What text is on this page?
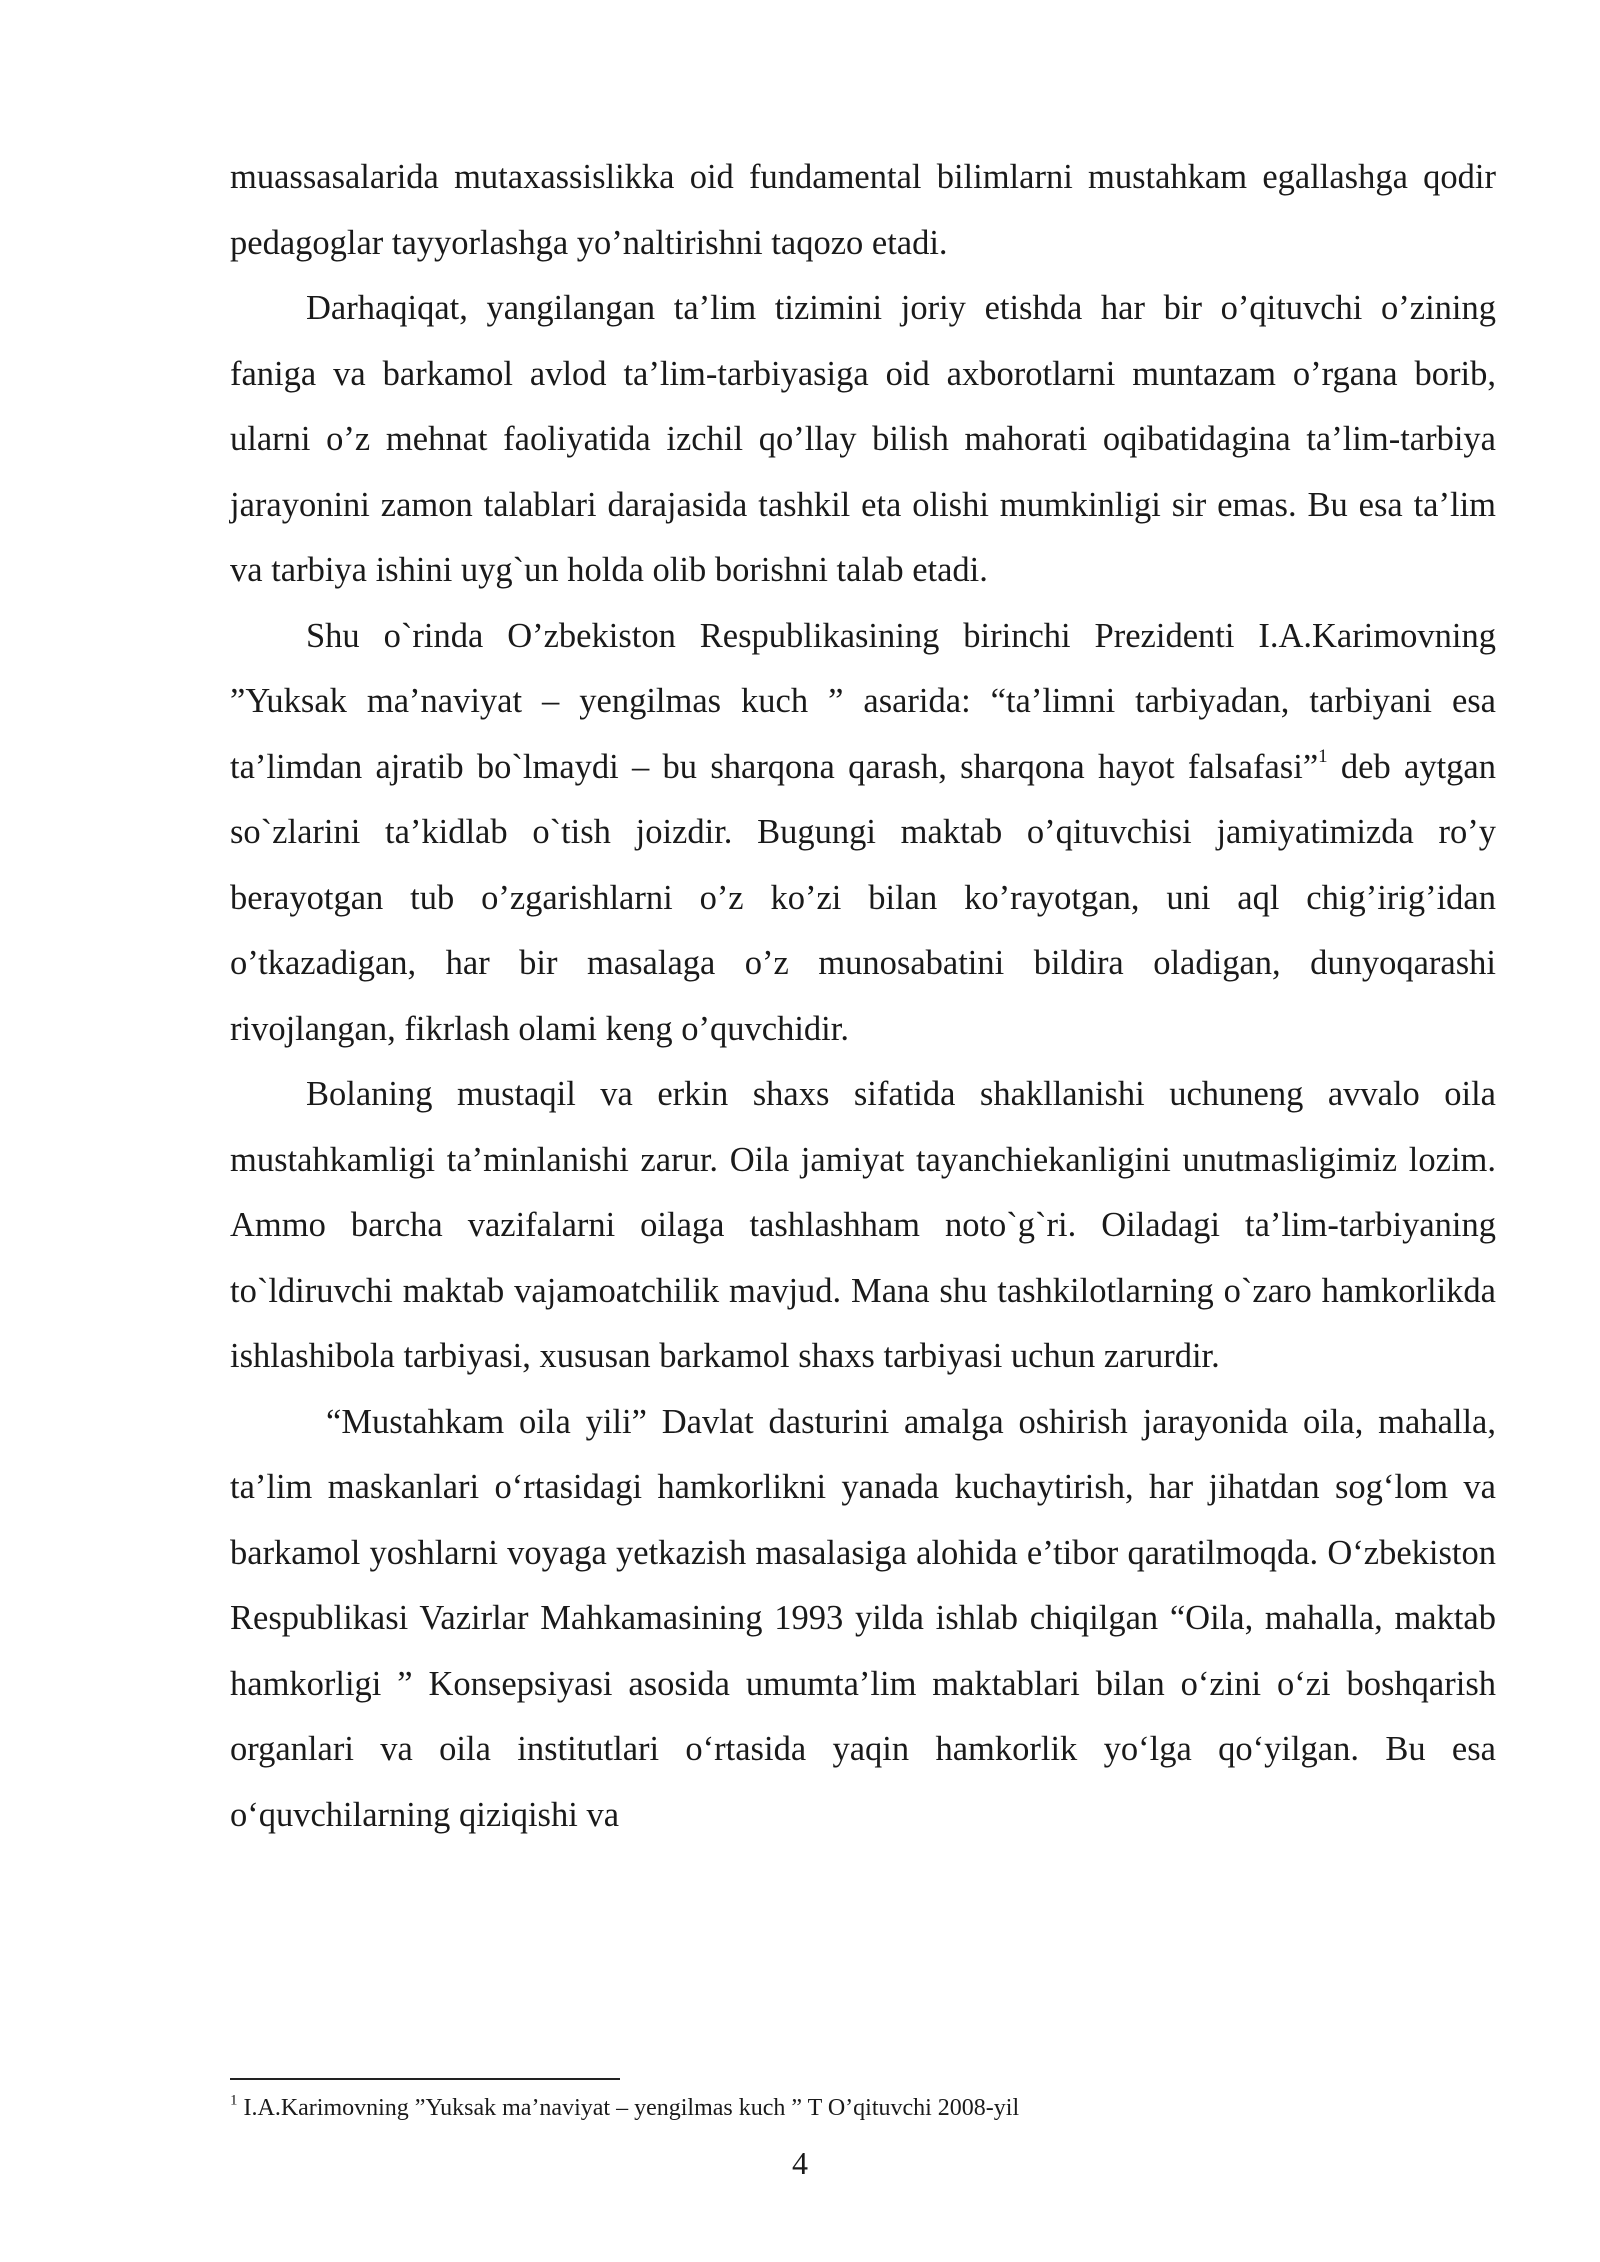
muassasalarida mutaxassislikka oid fundamental bilimlarni mustahkam egallashga qodir pedagoglar tayyorlashga yo’naltirishni taqozo etadi.

Darhaqiqat, yangilangan ta’lim tizimini joriy etishda har bir o’qituvchi o’zining faniga va barkamol avlod ta’lim-tarbiyasiga oid axborotlarni muntazam o’rgana borib, ularni o’z mehnat faoliyatida izchil qo’llay bilish mahorati oqibatidagina ta’lim-tarbiya jarayonini zamon talablari darajasida tashkil eta olishi mumkinligi sir emas. Bu esa ta’lim va tarbiya ishini uyg`un holda olib borishni talab etadi.

Shu o`rinda O’zbekiston Respublikasining birinchi Prezidenti I.A.Karimovning ”Yuksak ma’naviyat – yengilmas kuch ” asarida: “ta’limni tarbiyadan, tarbiyani esa ta’limdan ajratib bo`lmaydi – bu sharqona qarash, sharqona hayot falsafasi”$^1$ deb aytgan so`zlarini ta’kidlab o`tish joizdir. Bugungi maktab o’qituvchisi jamiyatimizda ro’y berayotgan tub o’zgarishlarni o’z ko’zi bilan ko’rayotgan, uni aql chig’irig’idan o’tkazadigan, har bir masalaga o’z munosabatini bildira oladigan, dunyoqarashi rivojlangan, fikrlash olami keng o’quvchidir.

Bolaning mustaqil va erkin shaxs sifatida shakllanishi uchuneng avvalo oila mustahkamligi ta’minlanishi zarur. Oila jamiyat tayanchiekanligini unutmasligimiz lozim. Ammo barcha vazifalarni oilaga tashlashham noto`g`ri. Oiladagi ta’lim-tarbiyaning to`ldiruvchi maktab vajamoatchilik mavjud. Mana shu tashkilotlarning o`zaro hamkorlikda ishlashibola tarbiyasi, xususan barkamol shaxs tarbiyasi uchun zarurdir.

“Mustahkam oila yili” Davlat dasturini amalga oshirish jarayonida oila, mahalla, ta’lim maskanlari o‘rtasidagi hamkorlikni yanada kuchaytirish, har jihatdan sog‘lom va barkamol yoshlarni voyaga yetkazish masalasiga alohida e’tibor qaratilmoqda. O‘zbekiston Respublikasi Vazirlar Mahkamasining 1993 yilda ishlab chiqilgan “Oila, mahalla, maktab hamkorligi ” Konsepsiyasi asosida umumta’lim maktablari bilan o‘zini o‘zi boshqarish organlari va oila institutlari o‘rtasida yaqin hamkorlik yo‘lga qo‘yilgan. Bu esa o‘quvchilarning qiziqishi va

$^1$ I.A.Karimovning ”Yuksak ma’naviyat – yengilmas kuch ” T O’qituvchi 2008-yil
4
